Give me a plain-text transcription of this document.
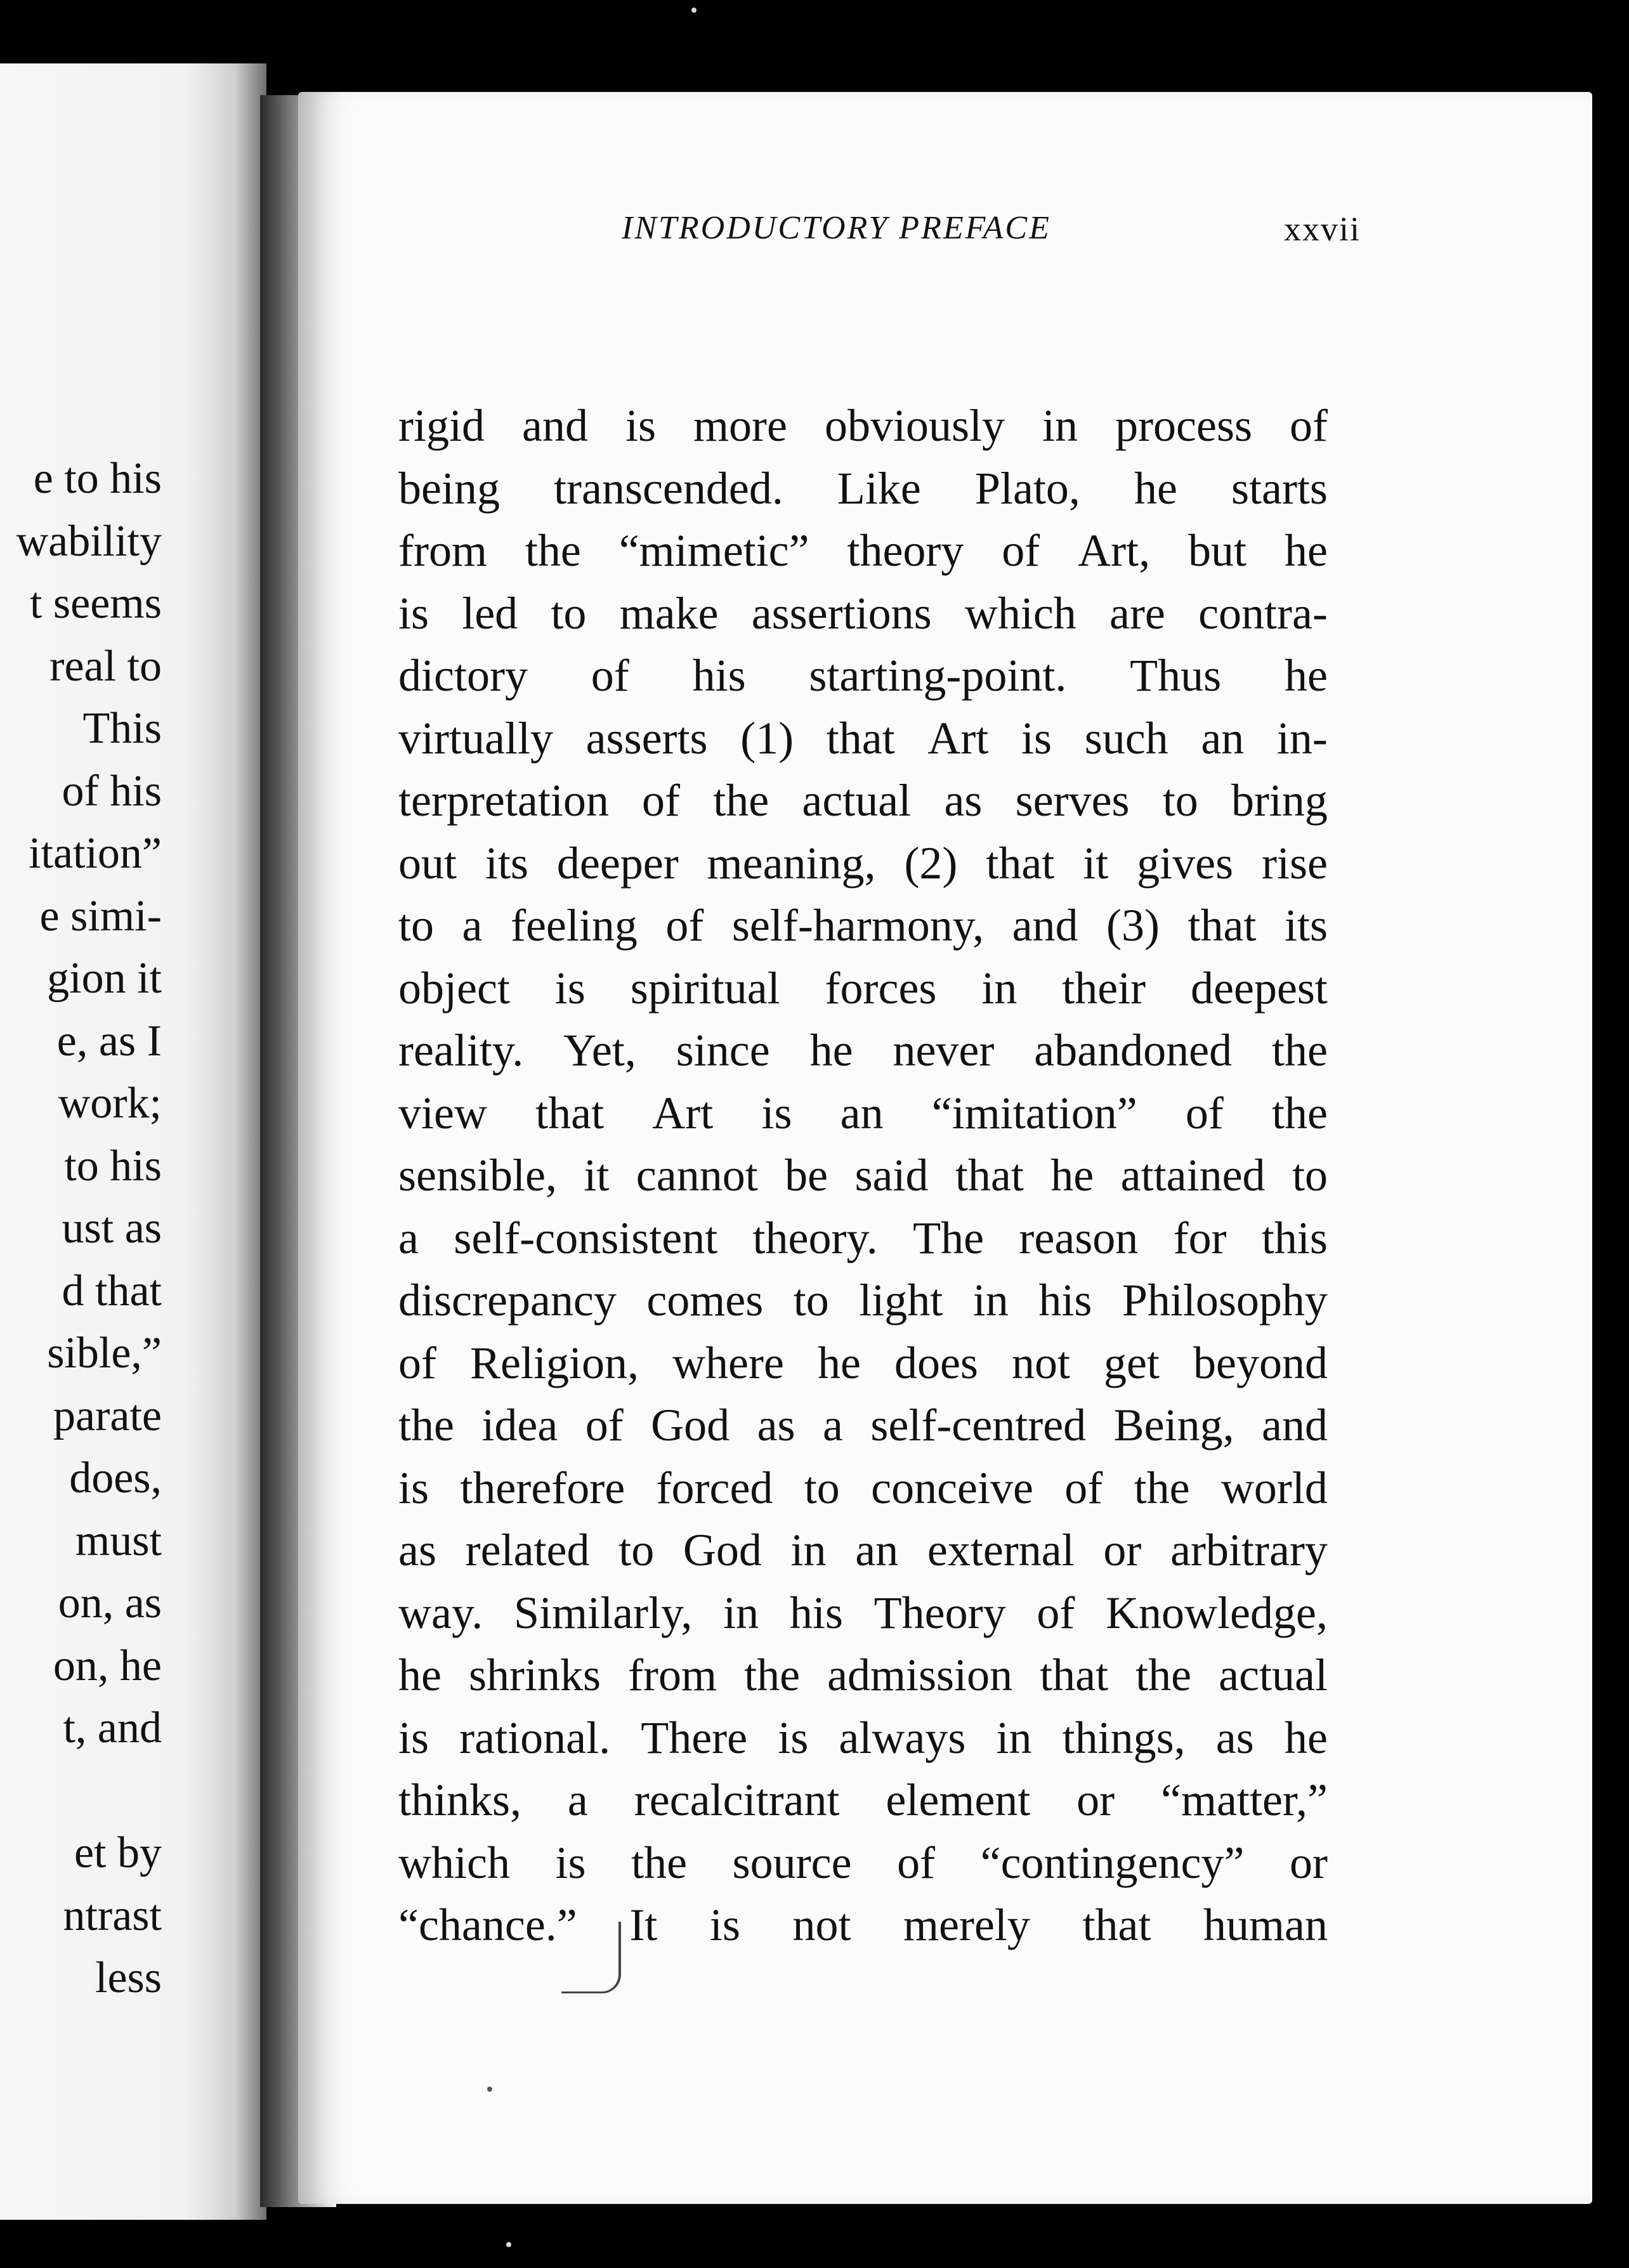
e to his
wability
t seems
real to
This
of his
itation”
e simi-
gion it
e, as I
work;
to his
ust as
d that
sible,”
parate
does,
must
on, as
on, he
t, and
et by
ntrast
less
INTRODUCTORY PREFACE	xxvii
rigid and is more obviously in process of
being transcended. Like Plato, he starts
from the “mimetic” theory of Art, but he
is led to make assertions which are contra-
dictory of his starting-point. Thus he
virtually asserts (1) that Art is such an in-
terpretation of the actual as serves to bring
out its deeper meaning, (2) that it gives rise
to a feeling of self-harmony, and (3) that its
object is spiritual forces in their deepest
reality. Yet, since he never abandoned the
view that Art is an “imitation” of the
sensible, it cannot be said that he attained to
a self-consistent theory. The reason for this
discrepancy comes to light in his Philosophy
of Religion, where he does not get beyond
the idea of God as a self-centred Being, and
is therefore forced to conceive of the world
as related to God in an external or arbitrary
way. Similarly, in his Theory of Knowledge,
he shrinks from the admission that the actual
is rational. There is always in things, as he
thinks, a recalcitrant element or “matter,”
which is the source of “contingency” or
“chance.” It is not merely that human
